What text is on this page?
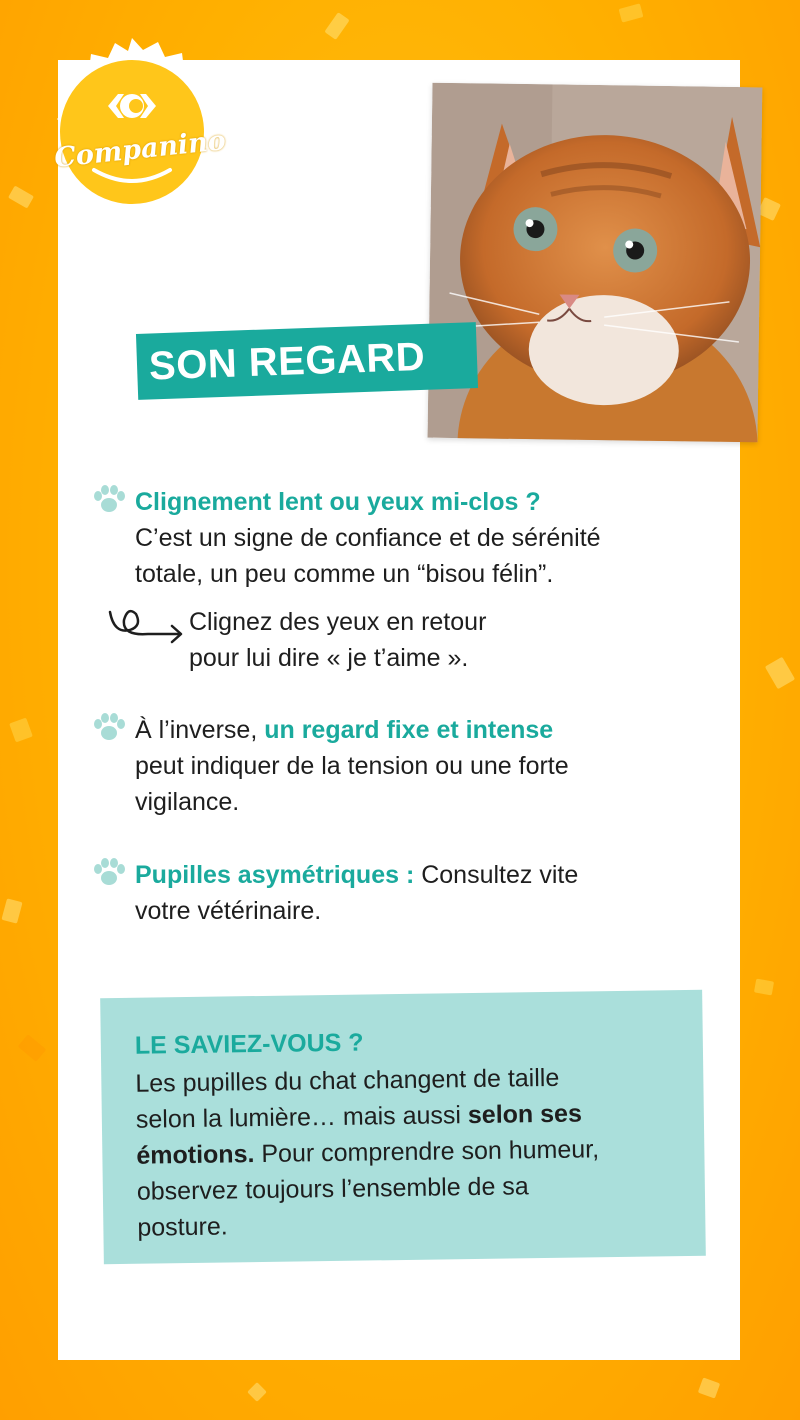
Companino
SON REGARD
Clignement lent ou yeux mi-clos ?
C’est un signe de confiance et de sérénité
totale, un peu comme un “bisou félin”.
Clignez des yeux en retour
pour lui dire « je t’aime ».
À l’inverse, un regard fixe et intense
peut indiquer de la tension ou une forte
vigilance.
Pupilles asymétriques : Consultez vite
votre vétérinaire.
LE SAVIEZ-VOUS ?
Les pupilles du chat changent de taille
selon la lumière… mais aussi selon ses
émotions. Pour comprendre son humeur,
observez toujours l’ensemble de sa
posture.
